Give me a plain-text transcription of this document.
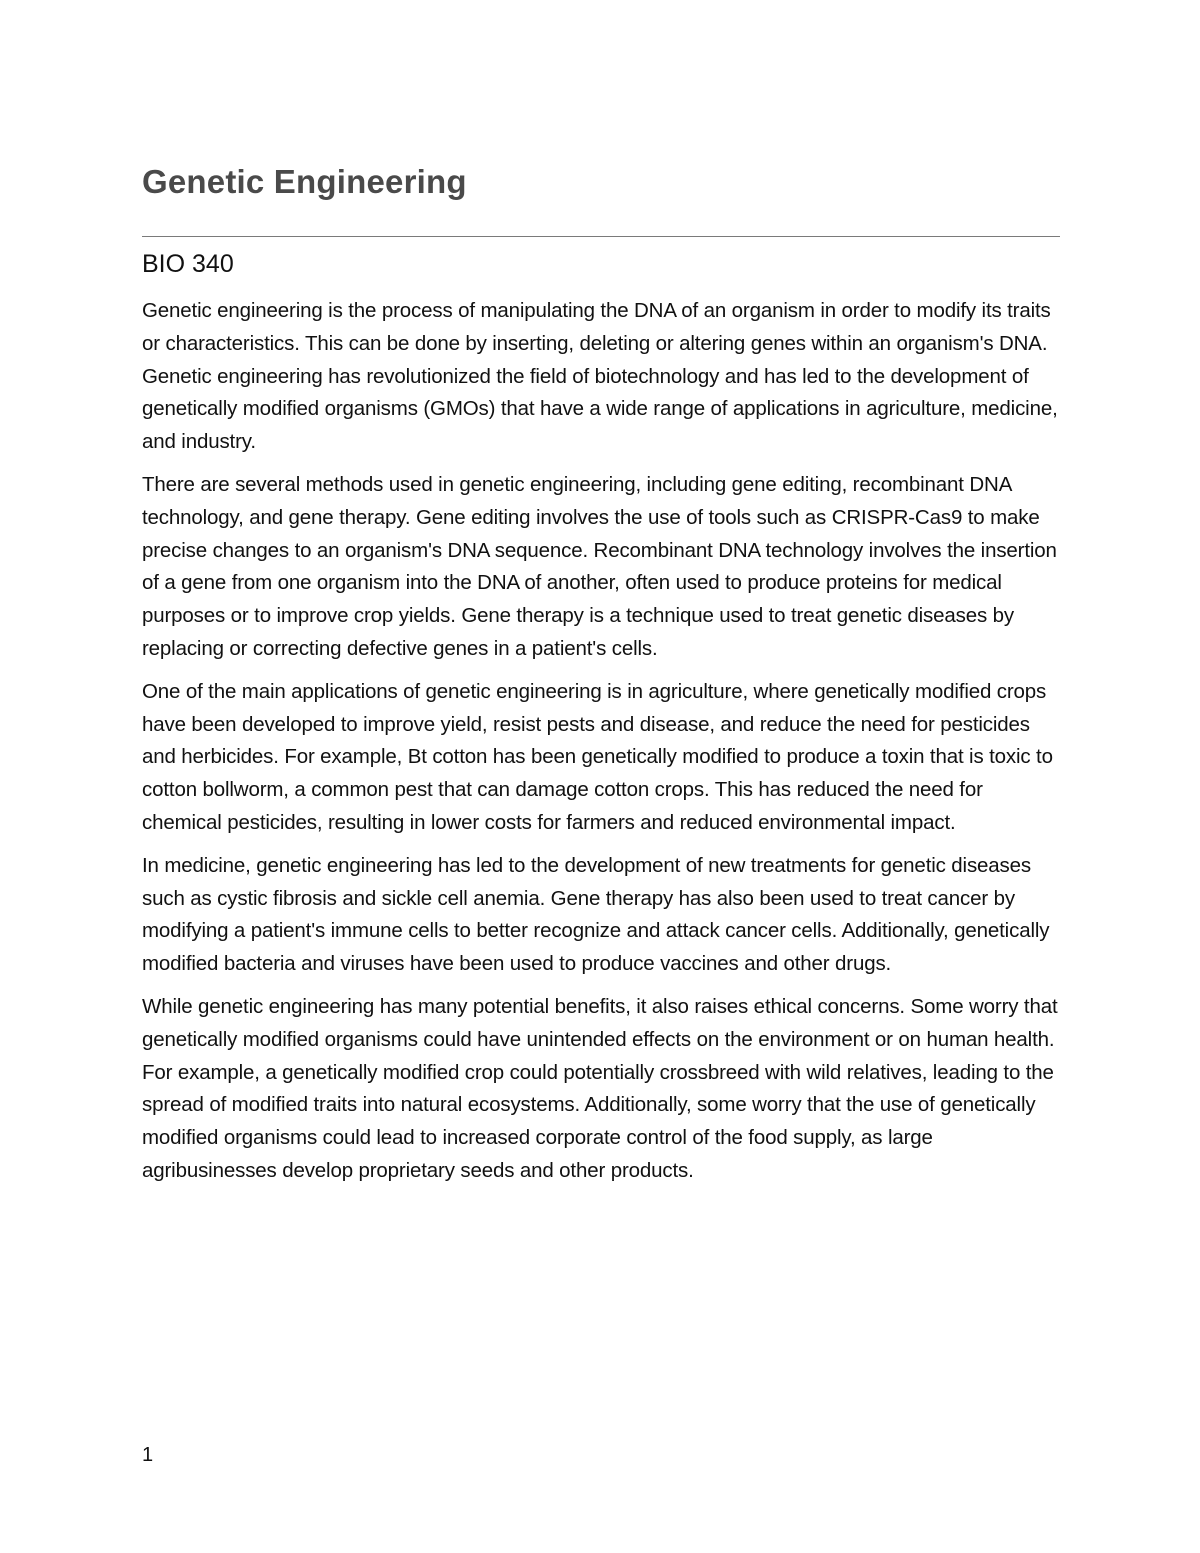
Genetic Engineering
BIO 340

Genetic engineering is the process of manipulating the DNA of an organism in order to modify its traits or characteristics. This can be done by inserting, deleting or altering genes within an organism's DNA. Genetic engineering has revolutionized the field of biotechnology and has led to the development of genetically modified organisms (GMOs) that have a wide range of applications in agriculture, medicine, and industry.

There are several methods used in genetic engineering, including gene editing, recombinant DNA technology, and gene therapy. Gene editing involves the use of tools such as CRISPR-Cas9 to make precise changes to an organism's DNA sequence. Recombinant DNA technology involves the insertion of a gene from one organism into the DNA of another, often used to produce proteins for medical purposes or to improve crop yields. Gene therapy is a technique used to treat genetic diseases by replacing or correcting defective genes in a patient's cells.

One of the main applications of genetic engineering is in agriculture, where genetically modified crops have been developed to improve yield, resist pests and disease, and reduce the need for pesticides and herbicides. For example, Bt cotton has been genetically modified to produce a toxin that is toxic to cotton bollworm, a common pest that can damage cotton crops. This has reduced the need for chemical pesticides, resulting in lower costs for farmers and reduced environmental impact.

In medicine, genetic engineering has led to the development of new treatments for genetic diseases such as cystic fibrosis and sickle cell anemia. Gene therapy has also been used to treat cancer by modifying a patient's immune cells to better recognize and attack cancer cells. Additionally, genetically modified bacteria and viruses have been used to produce vaccines and other drugs.

While genetic engineering has many potential benefits, it also raises ethical concerns. Some worry that genetically modified organisms could have unintended effects on the environment or on human health. For example, a genetically modified crop could potentially crossbreed with wild relatives, leading to the spread of modified traits into natural ecosystems. Additionally, some worry that the use of genetically modified organisms could lead to increased corporate control of the food supply, as large agribusinesses develop proprietary seeds and other products.

1
